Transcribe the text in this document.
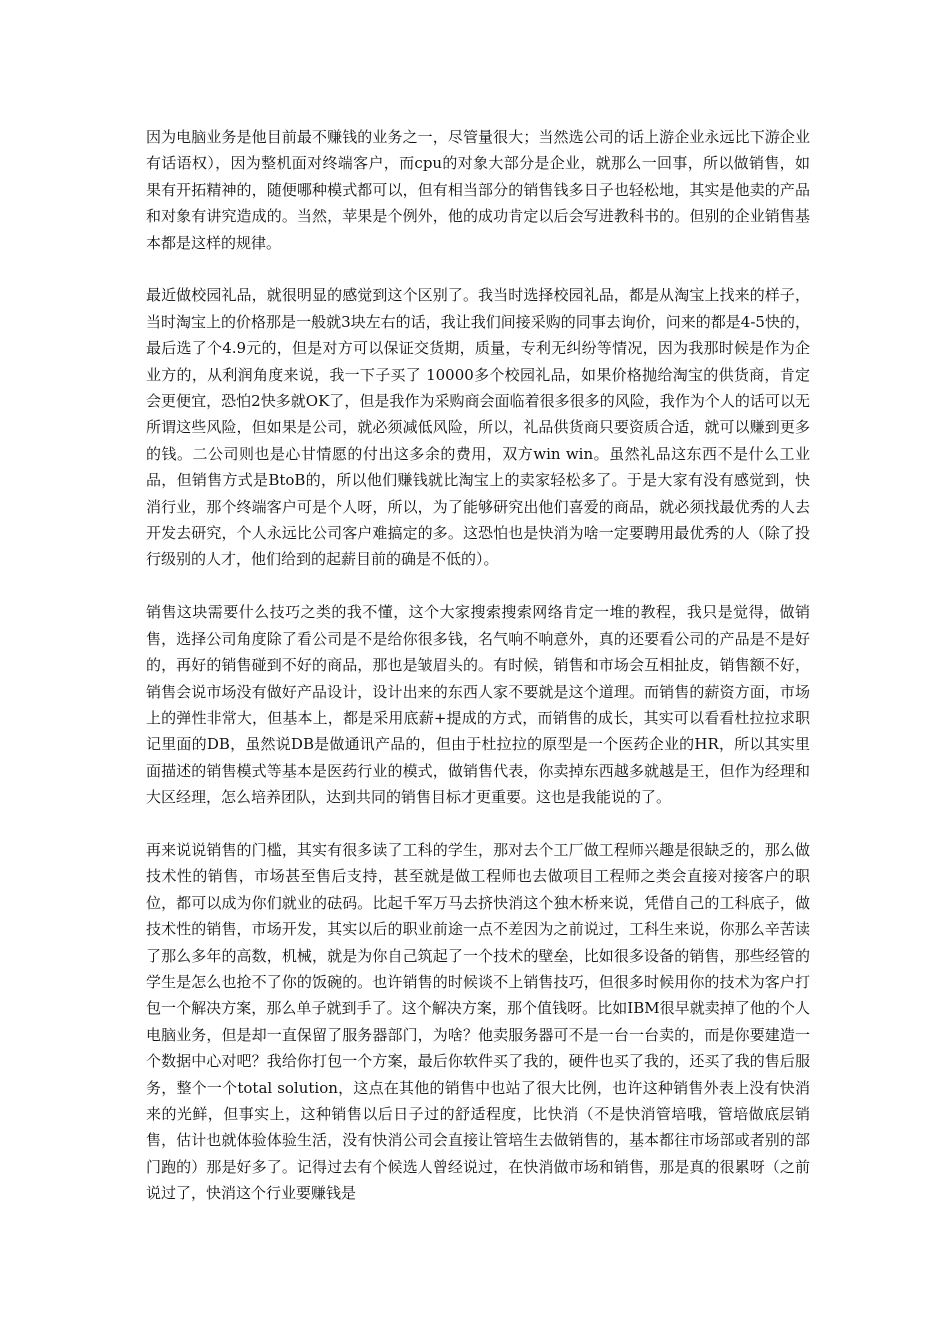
因为电脑业务是他目前最不赚钱的业务之一，尽管量很大；当然选公司的话上游企业永远比下游企业有话语权），因为整机面对终端客户，而cpu的对象大部分是企业，就那么一回事，所以做销售，如果有开拓精神的，随便哪种模式都可以，但有相当部分的销售钱多日子也轻松地，其实是他卖的产品和对象有讲究造成的。当然，苹果是个例外，他的成功肯定以后会写进教科书的。但别的企业销售基本都是这样的规律。

最近做校园礼品，就很明显的感觉到这个区别了。我当时选择校园礼品，都是从淘宝上找来的样子，当时淘宝上的价格那是一般就3块左右的话，我让我们间接采购的同事去询价，问来的都是4-5快的，最后选了个4.9元的，但是对方可以保证交货期，质量，专利无纠纷等情况，因为我那时候是作为企业方的，从利润角度来说，我一下子买了 10000多个校园礼品，如果价格抛给淘宝的供货商，肯定会更便宜，恐怕2快多就OK了，但是我作为采购商会面临着很多很多的风险，我作为个人的话可以无所谓这些风险，但如果是公司，就必须减低风险，所以，礼品供货商只要资质合适，就可以赚到更多的钱。二公司则也是心甘情愿的付出这多余的费用，双方win win。虽然礼品这东西不是什么工业品，但销售方式是BtoB的，所以他们赚钱就比淘宝上的卖家轻松多了。于是大家有没有感觉到，快消行业，那个终端客户可是个人呀，所以，为了能够研究出他们喜爱的商品，就必须找最优秀的人去开发去研究，个人永远比公司客户难搞定的多。这恐怕也是快消为啥一定要聘用最优秀的人（除了投行级别的人才，他们给到的起薪目前的确是不低的）。

销售这块需要什么技巧之类的我不懂，这个大家搜索搜索网络肯定一堆的教程，我只是觉得，做销售，选择公司角度除了看公司是不是给你很多钱，名气响不响意外，真的还要看公司的产品是不是好的，再好的销售碰到不好的商品，那也是皱眉头的。有时候，销售和市场会互相扯皮，销售额不好，销售会说市场没有做好产品设计，设计出来的东西人家不要就是这个道理。而销售的薪资方面，市场上的弹性非常大，但基本上，都是采用底薪+提成的方式，而销售的成长，其实可以看看杜拉拉求职记里面的DB，虽然说DB是做通讯产品的，但由于杜拉拉的原型是一个医药企业的HR，所以其实里面描述的销售模式等基本是医药行业的模式，做销售代表，你卖掉东西越多就越是王，但作为经理和大区经理，怎么培养团队，达到共同的销售目标才更重要。这也是我能说的了。

再来说说销售的门槛，其实有很多读了工科的学生，那对去个工厂做工程师兴趣是很缺乏的，那么做技术性的销售，市场甚至售后支持，甚至就是做工程师也去做项目工程师之类会直接对接客户的职位，都可以成为你们就业的砝码。比起千军万马去挤快消这个独木桥来说，凭借自己的工科底子，做技术性的销售，市场开发，其实以后的职业前途一点不差因为之前说过，工科生来说，你那么辛苦读了那么多年的高数，机械，就是为你自己筑起了一个技术的壁垒，比如很多设备的销售，那些经管的学生是怎么也抢不了你的饭碗的。也许销售的时候谈不上销售技巧，但很多时候用你的技术为客户打包一个解决方案，那么单子就到手了。这个解决方案，那个值钱呀。比如IBM很早就卖掉了他的个人电脑业务，但是却一直保留了服务器部门，为啥？他卖服务器可不是一台一台卖的，而是你要建造一个数据中心对吧？我给你打包一个方案，最后你软件买了我的，硬件也买了我的，还买了我的售后服务，整个一个total solution，这点在其他的销售中也站了很大比例，也许这种销售外表上没有快消来的光鲜，但事实上，这种销售以后日子过的舒适程度，比快消（不是快消管培哦，管培做底层销售，估计也就体验体验生活，没有快消公司会直接让管培生去做销售的，基本都往市场部或者别的部门跑的）那是好多了。记得过去有个候选人曾经说过，在快消做市场和销售，那是真的很累呀（之前说过了，快消这个行业要赚钱是
